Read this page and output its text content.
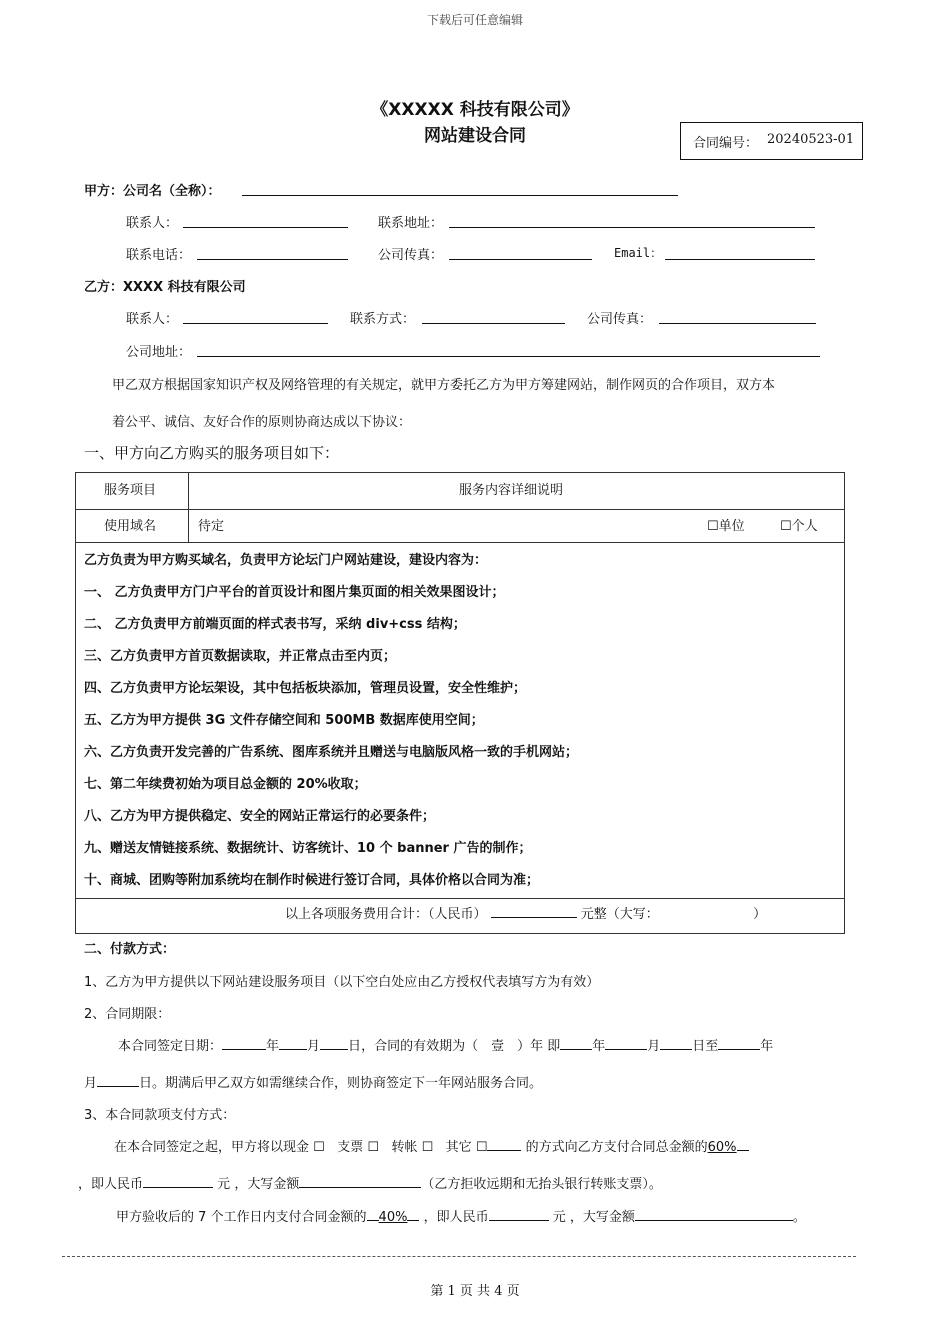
下载后可任意编辑
《XXXXX 科技有限公司》
网站建设合同	合同编号： 20240523-01
甲方：公司名（全称）：
联系人：	联系地址：
联系电话：	公司传真：	Email：
乙方：XXXX 科技有限公司
联系人：	联系方式：	公司传真：
公司地址：
甲乙双方根据国家知识产权及网络管理的有关规定，就甲方委托乙方为甲方筹建网站，制作网页的合作项目，双方本
着公平、诚信、友好合作的原则协商达成以下协议：
一、甲方向乙方购买的服务项目如下：
服务项目	服务内容详细说明
使用域名	待定	☐单位	☐个人
乙方负责为甲方购买域名，负责甲方论坛门户网站建设，建设内容为：
一、 乙方负责甲方门户平台的首页设计和图片集页面的相关效果图设计；
二、 乙方负责甲方前端页面的样式表书写，采纳 div+css 结构；
三、乙方负责甲方首页数据读取，并正常点击至内页；
四、乙方负责甲方论坛架设，其中包括板块添加，管理员设置，安全性维护；
五、乙方为甲方提供 3G 文件存储空间和 500MB 数据库使用空间；
六、乙方负责开发完善的广告系统、图库系统并且赠送与电脑版风格一致的手机网站；
七、第二年续费初始为项目总金额的 20%收取；
八、乙方为甲方提供稳定、安全的网站正常运行的必要条件；
九、赠送友情链接系统、数据统计、访客统计、10 个 banner 广告的制作；
十、商城、团购等附加系统均在制作时候进行签订合同，具体价格以合同为准；
以上各项服务费用合计：（人民币）	元整（大写：	）
二、付款方式：
1、乙方为甲方提供以下网站建设服务项目（以下空白处应由乙方授权代表填写方为有效）
2、合同期限：
本合同签定日期：	年 月 日，合同的有效期为（　壹　）年 即 年	月 日至	年
月	日。期满后甲乙双方如需继续合作，则协商签定下一年网站服务合同。
3、本合同款项支付方式：
在本合同签定之起，甲方将以现金 ☐ 支票 ☐ 转帐 ☐ 其它 ☐	的方式向乙方支付合同总金额的60%
，即人民币	元 ，大写金额	（乙方拒收远期和无抬头银行转账支票）。
甲方验收后的 7 个工作日内支付合同金额的 40% ，即人民币	元 ，大写金额	。
第 1 页 共 4 页
